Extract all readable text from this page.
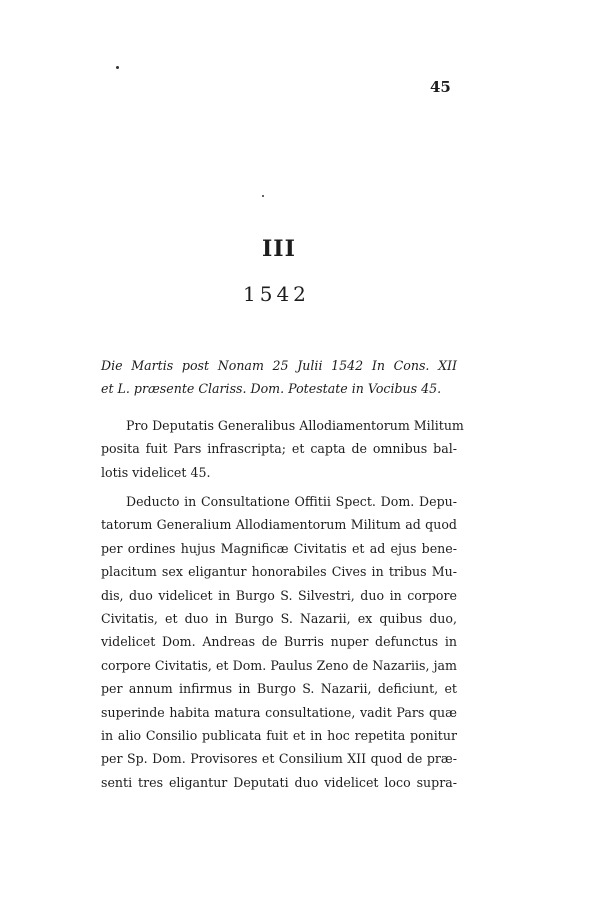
45
III
1542
Die Martis post Nonam 25 Julii 1542 In Cons. XII
et L. præsente Clariss. Dom. Potestate in Vocibus 45.
Pro Deputatis Generalibus Allodiamentorum Militum
posita fuit Pars infrascripta; et capta de omnibus bal-
lotis videlicet 45.
Deducto in Consultatione Offitii Spect. Dom. Depu-
tatorum Generalium Allodiamentorum Militum ad quod
per ordines hujus Magnificæ Civitatis et ad ejus bene-
placitum sex eligantur honorabiles Cives in tribus Mu-
dis, duo videlicet in Burgo S. Silvestri, duo in corpore
Civitatis, et duo in Burgo S. Nazarii, ex quibus duo,
videlicet Dom. Andreas de Burris nuper defunctus in
corpore Civitatis, et Dom. Paulus Zeno de Nazariis, jam
per annum infirmus in Burgo S. Nazarii, deficiunt, et
superinde habita matura consultatione, vadit Pars quæ
in alio Consilio publicata fuit et in hoc repetita ponitur
per Sp. Dom. Provisores et Consilium XII quod de præ-
senti tres eligantur Deputati duo videlicet loco supra-
